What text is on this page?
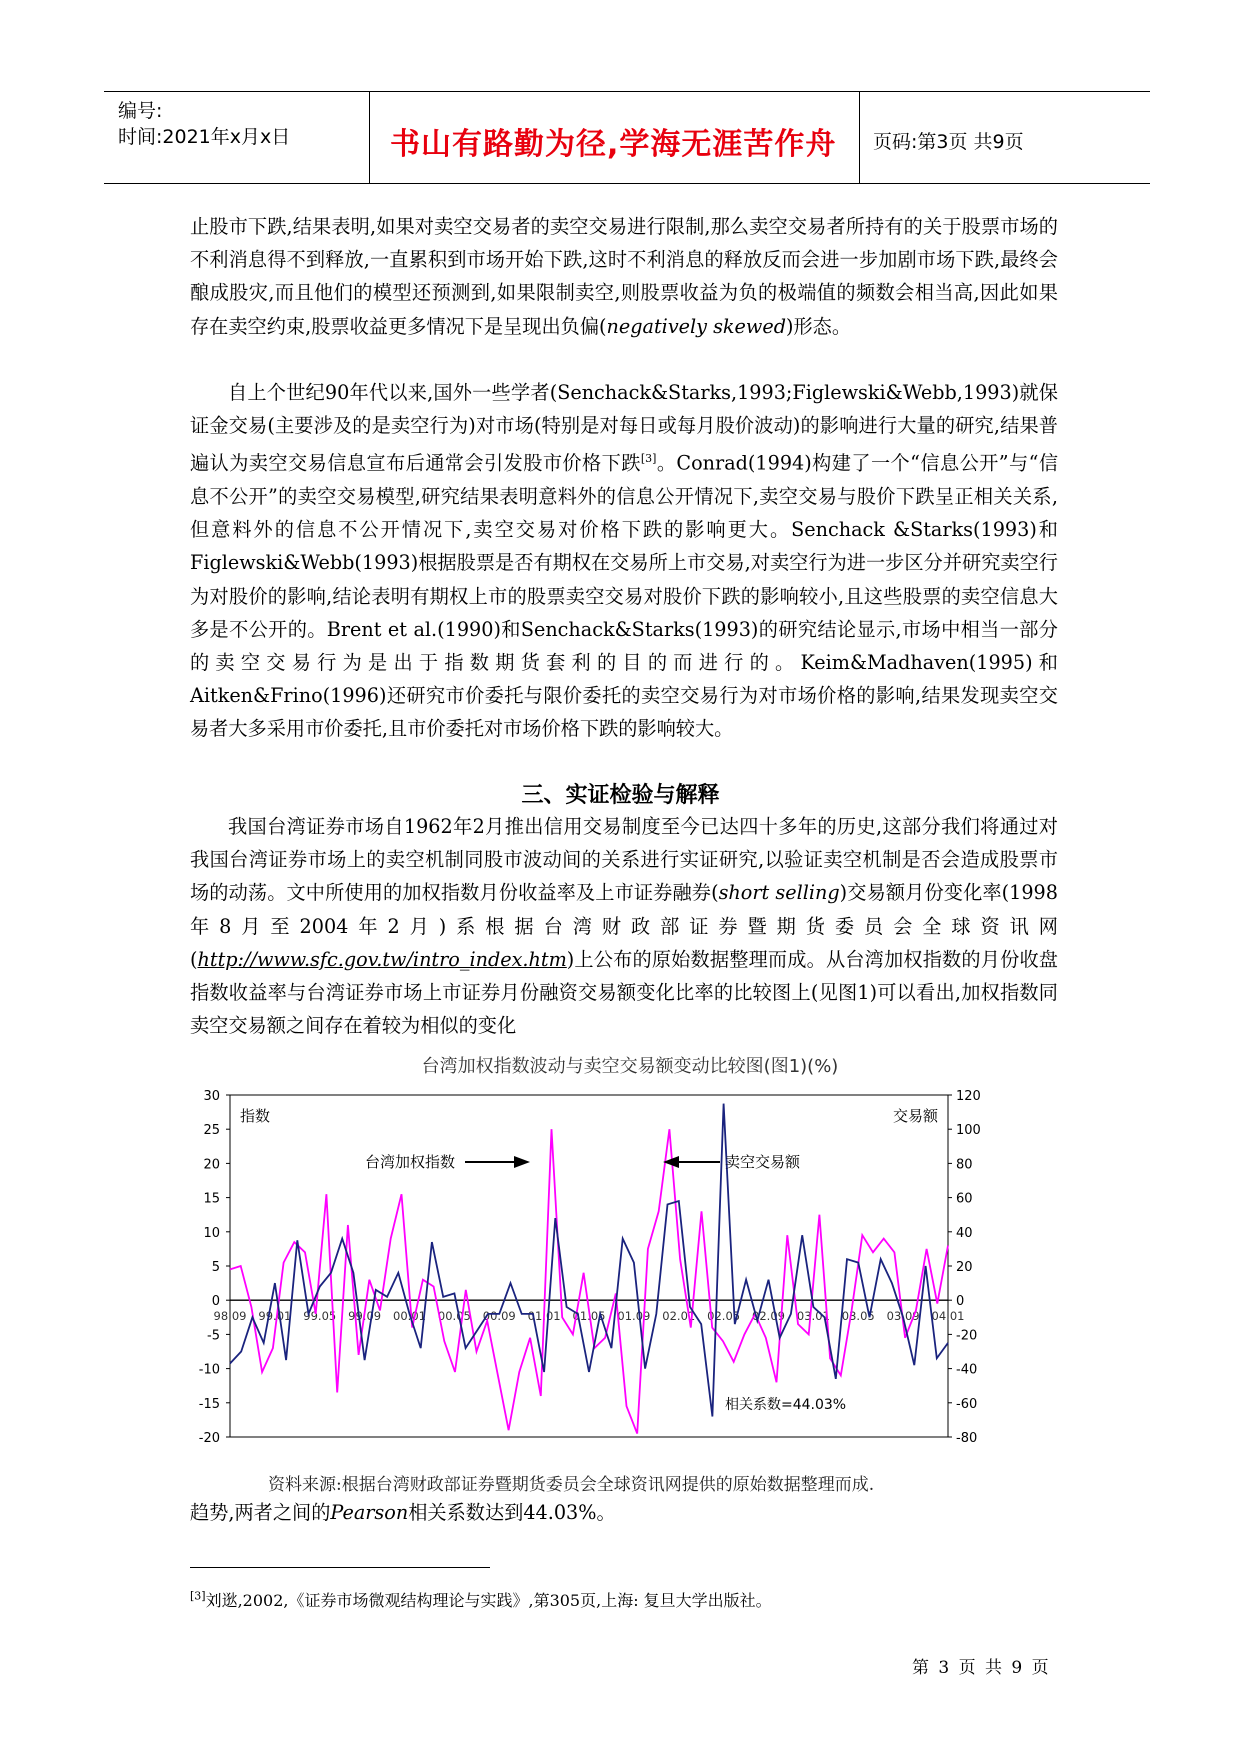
编号:
时间:2021年x月x日	书山有路勤为径,学海无涯苦作舟 页码:第3页 共9页
止股市下跌,结果表明,如果对卖空交易者的卖空交易进行限制,那么卖空交易者所持有的关于股票市场的不利消息得不到释放,一直累积到市场开始下跌,这时不利消息的释放反而会进一步加剧市场下跌,最终会酿成股灾,而且他们的模型还预测到,如果限制卖空,则股票收益为负的极端值的频数会相当高,因此如果存在卖空约束,股票收益更多情况下是呈现出负偏(negatively skewed)形态。
自上个世纪90年代以来,国外一些学者(Senchack&Starks,1993;Figlewski&Webb,1993)就保证金交易(主要涉及的是卖空行为)对市场(特别是对每日或每月股价波动)的影响进行大量的研究,结果普遍认为卖空交易信息宣布后通常会引发股市价格下跌[3]。Conrad(1994)构建了一个“信息公开”与“信息不公开”的卖空交易模型,研究结果表明意料外的信息公开情况下,卖空交易与股价下跌呈正相关关系,但意料外的信息不公开情况下,卖空交易对价格下跌的影响更大。Senchack &Starks(1993)和Figlewski&Webb(1993)根据股票是否有期权在交易所上市交易,对卖空行为进一步区分并研究卖空行为对股价的影响,结论表明有期权上市的股票卖空交易对股价下跌的影响较小,且这些股票的卖空信息大多是不公开的。Brent et al.(1990)和Senchack&Starks(1993)的研究结论显示,市场中相当一部分的卖空交易行为是出于指数期货套利的目的而进行的。Keim&Madhaven(1995)和Aitken&Frino(1996)还研究市价委托与限价委托的卖空交易行为对市场价格的影响,结果发现卖空交易者大多采用市价委托,且市价委托对市场价格下跌的影响较大。
三、实证检验与解释
我国台湾证券市场自1962年2月推出信用交易制度至今已达四十多年的历史,这部分我们将通过对我国台湾证券市场上的卖空机制同股市波动间的关系进行实证研究,以验证卖空机制是否会造成股票市场的动荡。文中所使用的加权指数月份收益率及上市证券融券(short selling)交易额月份变化率(1998年8月至2004年2月)系根据台湾财政部证券暨期货委员会全球资讯网(http://www.sfc.gov.tw/intro_index.htm)上公布的原始数据整理而成。从台湾加权指数的月份收盘指数收益率与台湾证券市场上市证券月份融资交易额变化比率的比较图上(见图1)可以看出,加权指数同卖空交易额之间存在着较为相似的变化
台湾加权指数波动与卖空交易额变动比较图(图1)(%)
30
25
20
15
10
5
0
-5
-10
-15
-20
120
100
80
60
40
20
0
-20
-40
-60
-80
98.09 99.01 99.05 99.09 00.01 00.05 00.09 01.01 01.05 01.09 02.01 02.05 02.09 03.01 03.05 03.09 04.01
指数	交易额
台湾加权指数	卖空交易额
相关系数=44.03%
资料来源:根据台湾财政部证券暨期货委员会全球资讯网提供的原始数据整理而成.
趋势,两者之间的Pearson相关系数达到44.03%。
[3]刘逖,2002,《证券市场微观结构理论与实践》,第305页,上海: 复旦大学出版社。
第 3 页 共 9 页
